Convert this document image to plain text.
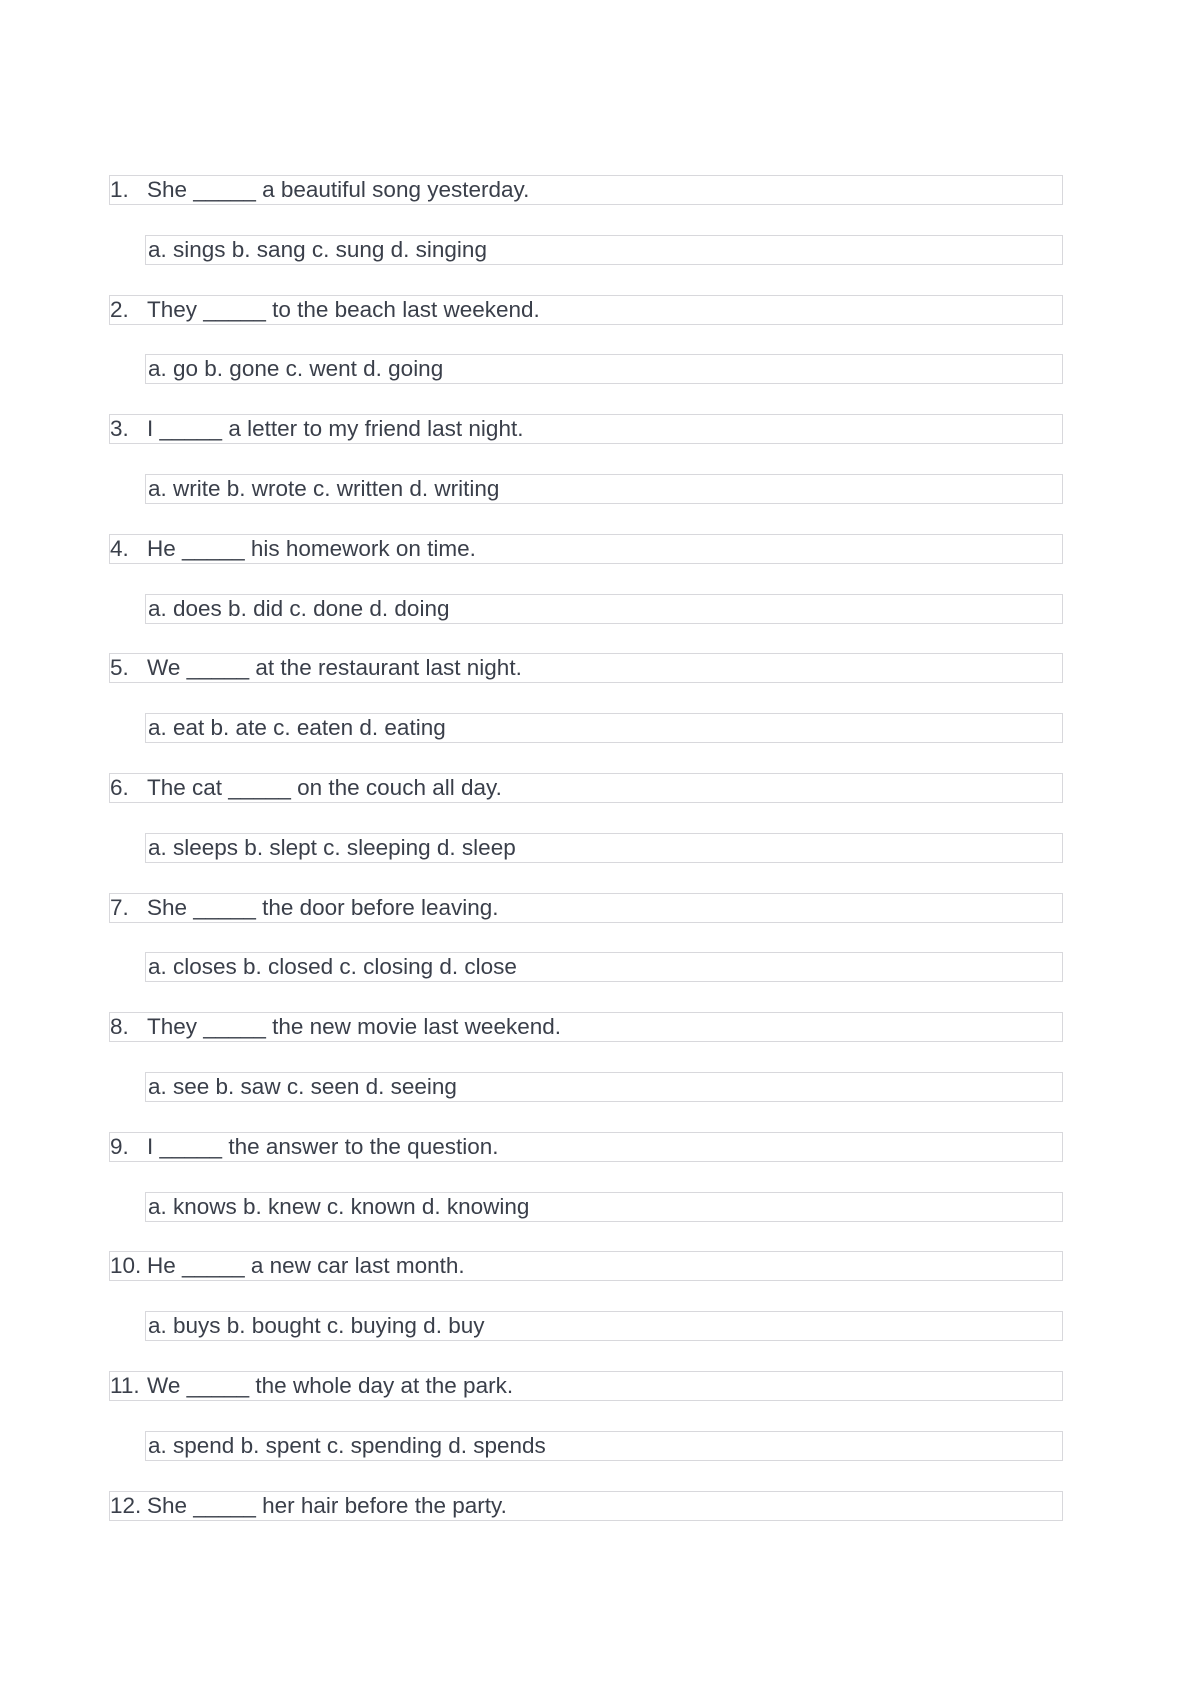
1. She _____ a beautiful song yesterday.
a. sings b. sang c. sung d. singing
2. They _____ to the beach last weekend.
a. go b. gone c. went d. going
3. I _____ a letter to my friend last night.
a. write b. wrote c. written d. writing
4. He _____ his homework on time.
a. does b. did c. done d. doing
5. We _____ at the restaurant last night.
a. eat b. ate c. eaten d. eating
6. The cat _____ on the couch all day.
a. sleeps b. slept c. sleeping d. sleep
7. She _____ the door before leaving.
a. closes b. closed c. closing d. close
8. They _____ the new movie last weekend.
a. see b. saw c. seen d. seeing
9. I _____ the answer to the question.
a. knows b. knew c. known d. knowing
10. He _____ a new car last month.
a. buys b. bought c. buying d. buy
11. We _____ the whole day at the park.
a. spend b. spent c. spending d. spends
12. She _____ her hair before the party.
